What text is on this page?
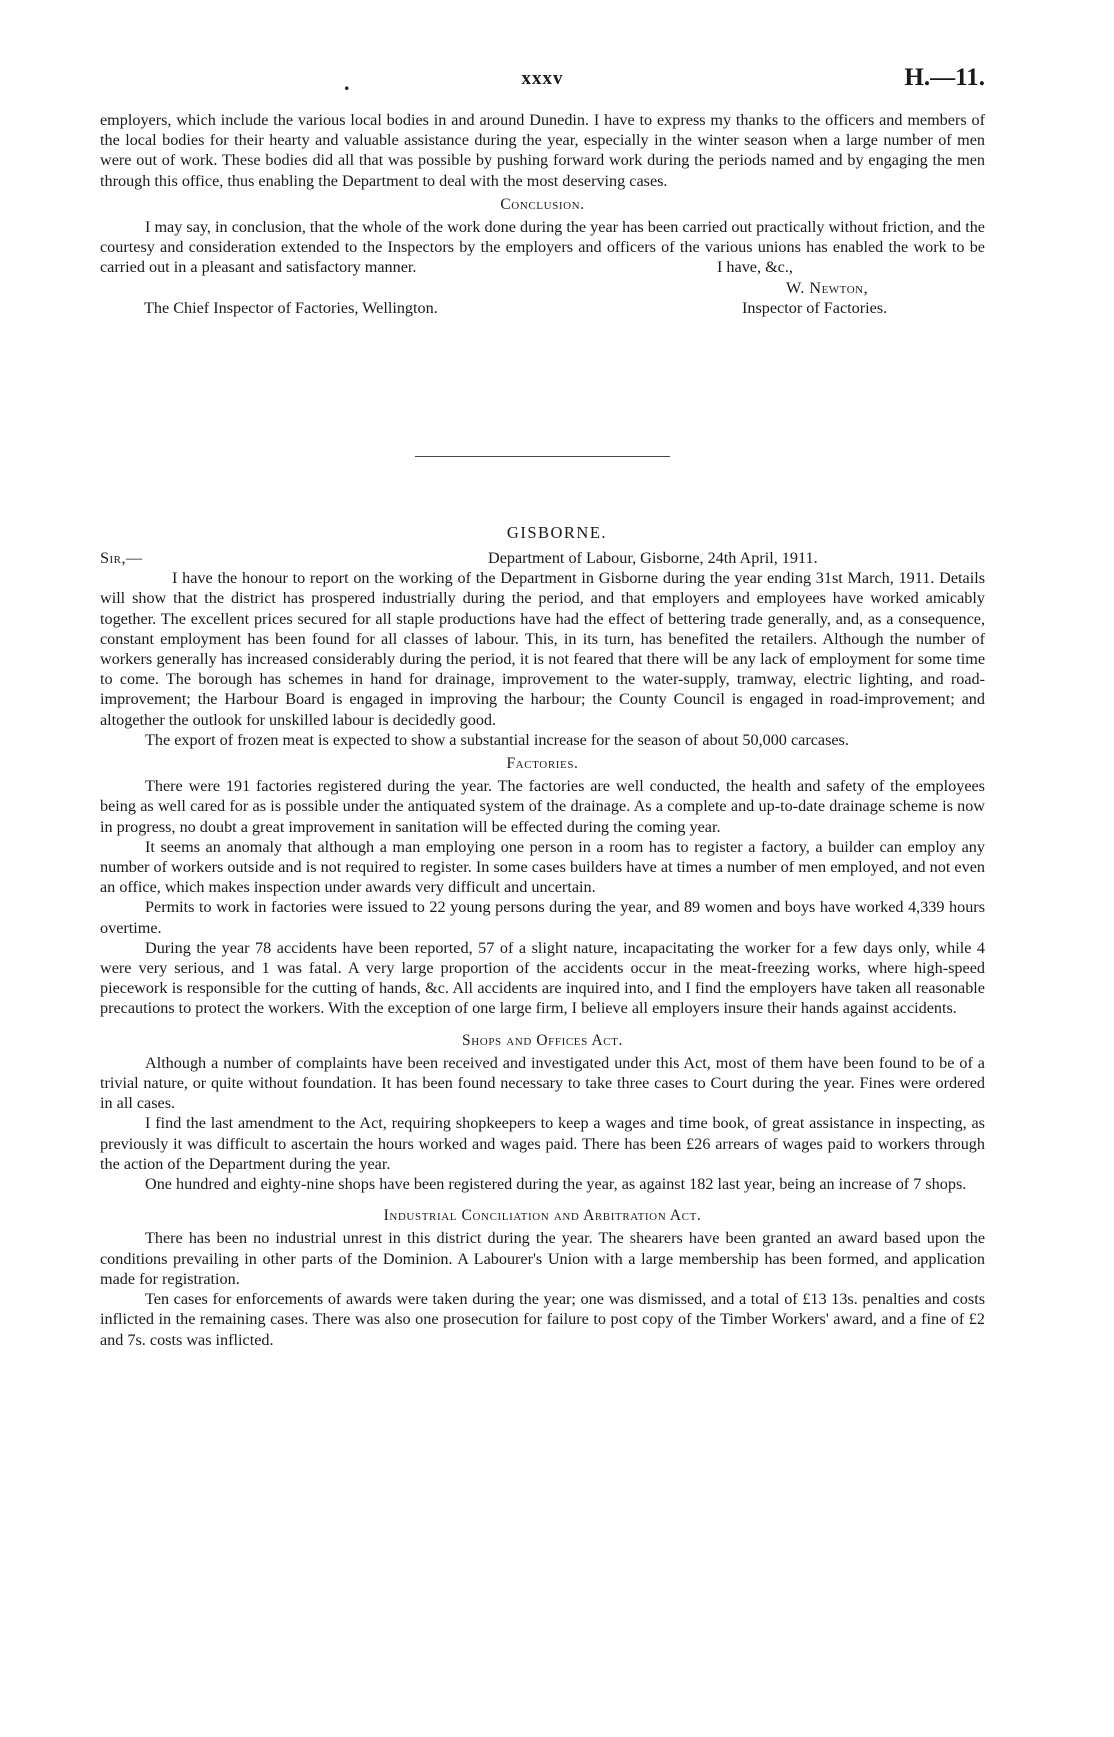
.	xxxv	H.—11.

employers, which include the various local bodies in and around Dunedin. I have to express my thanks to the officers and members of the local bodies for their hearty and valuable assistance during the year, especially in the winter season when a large number of men were out of work. These bodies did all that was possible by pushing forward work during the periods named and by engaging the men through this office, thus enabling the Department to deal with the most deserving cases.

Conclusion.

I may say, in conclusion, that the whole of the work done during the year has been carried out practically without friction, and the courtesy and consideration extended to the Inspectors by the employers and officers of the various unions has enabled the work to be carried out in a pleasant and satisfactory manner.	I have, &c.,
W. Newton,
The Chief Inspector of Factories, Wellington.	Inspector of Factories.
GISBORNE.
Sir,—	Department of Labour, Gisborne, 24th April, 1911.

I have the honour to report on the working of the Department in Gisborne during the year ending 31st March, 1911. Details will show that the district has prospered industrially during the period, and that employers and employees have worked amicably together. The excellent prices secured for all staple productions have had the effect of bettering trade generally, and, as a consequence, constant employment has been found for all classes of labour. This, in its turn, has benefited the retailers. Although the number of workers generally has increased considerably during the period, it is not feared that there will be any lack of employment for some time to come. The borough has schemes in hand for drainage, improvement to the water-supply, tramway, electric lighting, and road-improvement; the Harbour Board is engaged in improving the harbour; the County Council is engaged in road-improvement; and altogether the outlook for unskilled labour is decidedly good.

The export of frozen meat is expected to show a substantial increase for the season of about 50,000 carcases.

Factories.

There were 191 factories registered during the year. The factories are well conducted, the health and safety of the employees being as well cared for as is possible under the antiquated system of the drainage. As a complete and up-to-date drainage scheme is now in progress, no doubt a great improvement in sanitation will be effected during the coming year.

It seems an anomaly that although a man employing one person in a room has to register a factory, a builder can employ any number of workers outside and is not required to register. In some cases builders have at times a number of men employed, and not even an office, which makes inspection under awards very difficult and uncertain.

Permits to work in factories were issued to 22 young persons during the year, and 89 women and boys have worked 4,339 hours overtime.

During the year 78 accidents have been reported, 57 of a slight nature, incapacitating the worker for a few days only, while 4 were very serious, and 1 was fatal. A very large proportion of the accidents occur in the meat-freezing works, where high-speed piecework is responsible for the cutting of hands, &c. All accidents are inquired into, and I find the employers have taken all reasonable precautions to protect the workers. With the exception of one large firm, I believe all employers insure their hands against accidents.

Shops and Offices Act.

Although a number of complaints have been received and investigated under this Act, most of them have been found to be of a trivial nature, or quite without foundation. It has been found necessary to take three cases to Court during the year. Fines were ordered in all cases.

I find the last amendment to the Act, requiring shopkeepers to keep a wages and time book, of great assistance in inspecting, as previously it was difficult to ascertain the hours worked and wages paid. There has been £26 arrears of wages paid to workers through the action of the Department during the year.

One hundred and eighty-nine shops have been registered during the year, as against 182 last year, being an increase of 7 shops.

Industrial Conciliation and Arbitration Act.

There has been no industrial unrest in this district during the year. The shearers have been granted an award based upon the conditions prevailing in other parts of the Dominion. A Labourer's Union with a large membership has been formed, and application made for registration.

Ten cases for enforcements of awards were taken during the year; one was dismissed, and a total of £13 13s. penalties and costs inflicted in the remaining cases. There was also one prosecution for failure to post copy of the Timber Workers' award, and a fine of £2 and 7s. costs was inflicted.
